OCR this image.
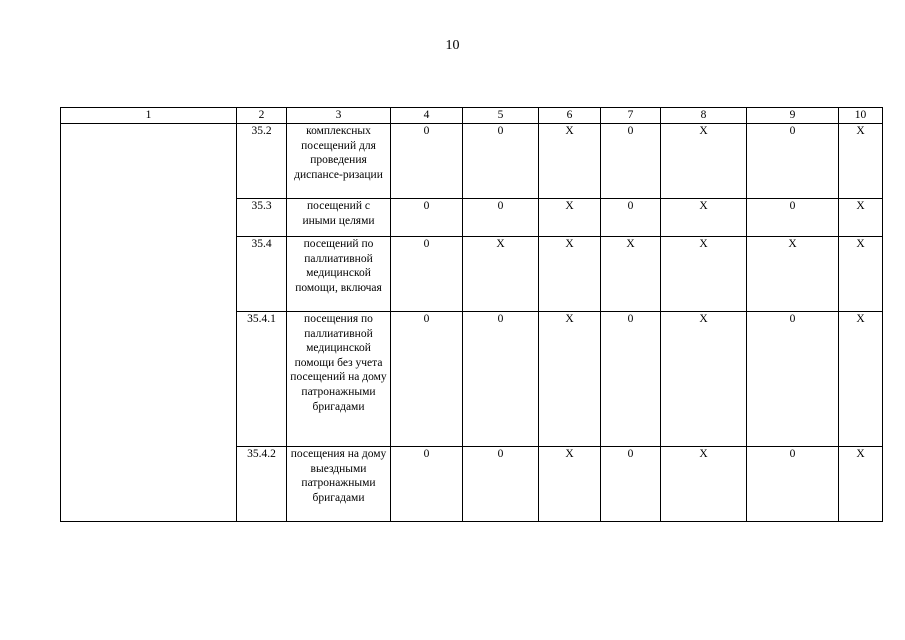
10
1	2	3	4	5	6	7	8	9	10
	35.2	комплексных посещений для проведения диспансе-ризации	0	0	Х	0	Х	0	Х
	35.3	посещений с иными целями	0	0	Х	0	Х	0	Х
	35.4	посещений по паллиативной медицинской помощи, включая	0	Х	Х	Х	Х	Х	Х
	35.4.1	посещения по паллиативной медицинской помощи без учета посещений на дому патронажными бригадами	0	0	Х	0	Х	0	Х
	35.4.2	посещения на дому выездными патронажными бригадами	0	0	Х	0	Х	0	Х
